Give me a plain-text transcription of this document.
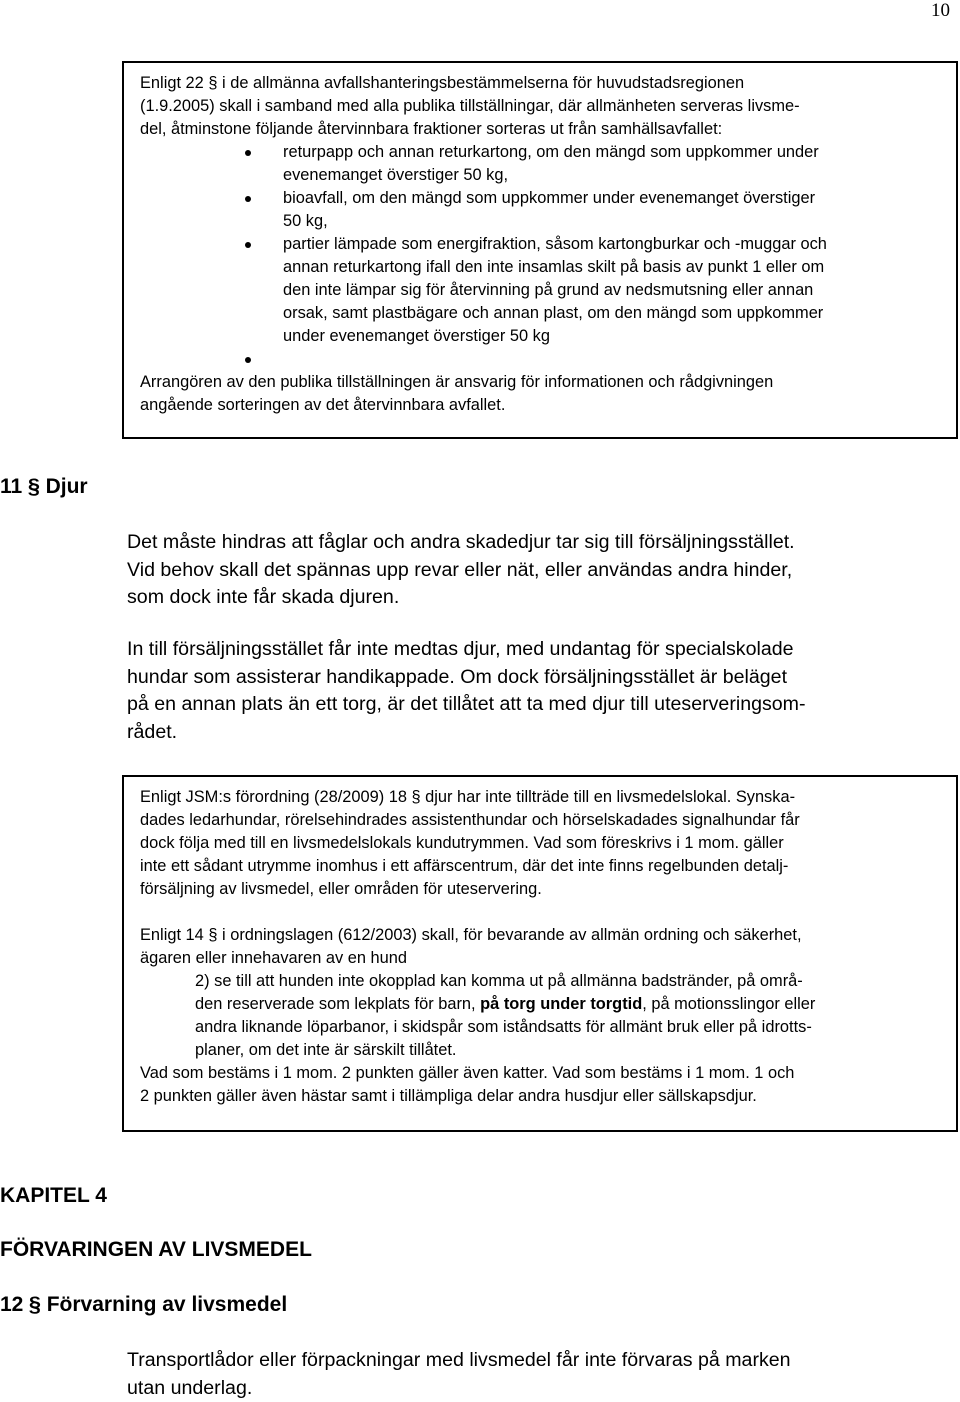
10
Enligt 22 § i de allmänna avfallshanteringsbestämmelserna för huvudstadsregionen
(1.9.2005) skall i samband med alla publika tillställningar, där allmänheten serveras livsme-
del, åtminstone följande återvinnbara fraktioner sorteras ut från samhällsavfallet:
returpapp och annan returkartong, om den mängd som uppkommer under
evenemanget överstiger 50 kg,
bioavfall, om den mängd som uppkommer under evenemanget överstiger
50 kg,
partier lämpade som energifraktion, såsom kartongburkar och -muggar och
annan returkartong ifall den inte insamlas skilt på basis av punkt 1 eller om
den inte lämpar sig för återvinning på grund av nedsmutsning eller annan
orsak, samt plastbägare och annan plast, om den mängd som uppkommer
under evenemanget överstiger 50 kg
Arrangören av den publika tillställningen är ansvarig för informationen och rådgivningen
angående sorteringen av det återvinnbara avfallet.
11 § Djur
Det måste hindras att fåglar och andra skadedjur tar sig till försäljningsstället.
Vid behov skall det spännas upp revar eller nät, eller användas andra hinder,
som dock inte får skada djuren.
In till försäljningsstället får inte medtas djur, med undantag för specialskolade
hundar som assisterar handikappade. Om dock försäljningsstället är beläget
på en annan plats än ett torg, är det tillåtet att ta med djur till uteserveringsom-
rådet.
Enligt JSM:s förordning (28/2009) 18 § djur har inte tillträde till en livsmedelslokal. Synska-
dades ledarhundar, rörelsehindrades assistenthundar och hörselskadades signalhundar får
dock följa med till en livsmedelslokals kundutrymmen. Vad som föreskrivs i 1 mom. gäller
inte ett sådant utrymme inomhus i ett affärscentrum, där det inte finns regelbunden detalj-
försäljning av livsmedel, eller områden för uteservering.
Enligt 14 § i ordningslagen (612/2003) skall, för bevarande av allmän ordning och säkerhet,
ägaren eller innehavaren av en hund
2) se till att hunden inte okopplad kan komma ut på allmänna badstränder, på områ-
den reserverade som lekplats för barn, på torg under torgtid, på motionsslingor eller
andra liknande löparbanor, i skidspår som iståndsatts för allmänt bruk eller på idrotts-
planer, om det inte är särskilt tillåtet.
Vad som bestäms i 1 mom. 2 punkten gäller även katter. Vad som bestäms i 1 mom. 1 och
2 punkten gäller även hästar samt i tillämpliga delar andra husdjur eller sällskapsdjur.
KAPITEL 4
FÖRVARINGEN AV LIVSMEDEL
12 § Förvarning av livsmedel
Transportlådor eller förpackningar med livsmedel får inte förvaras på marken
utan underlag.
